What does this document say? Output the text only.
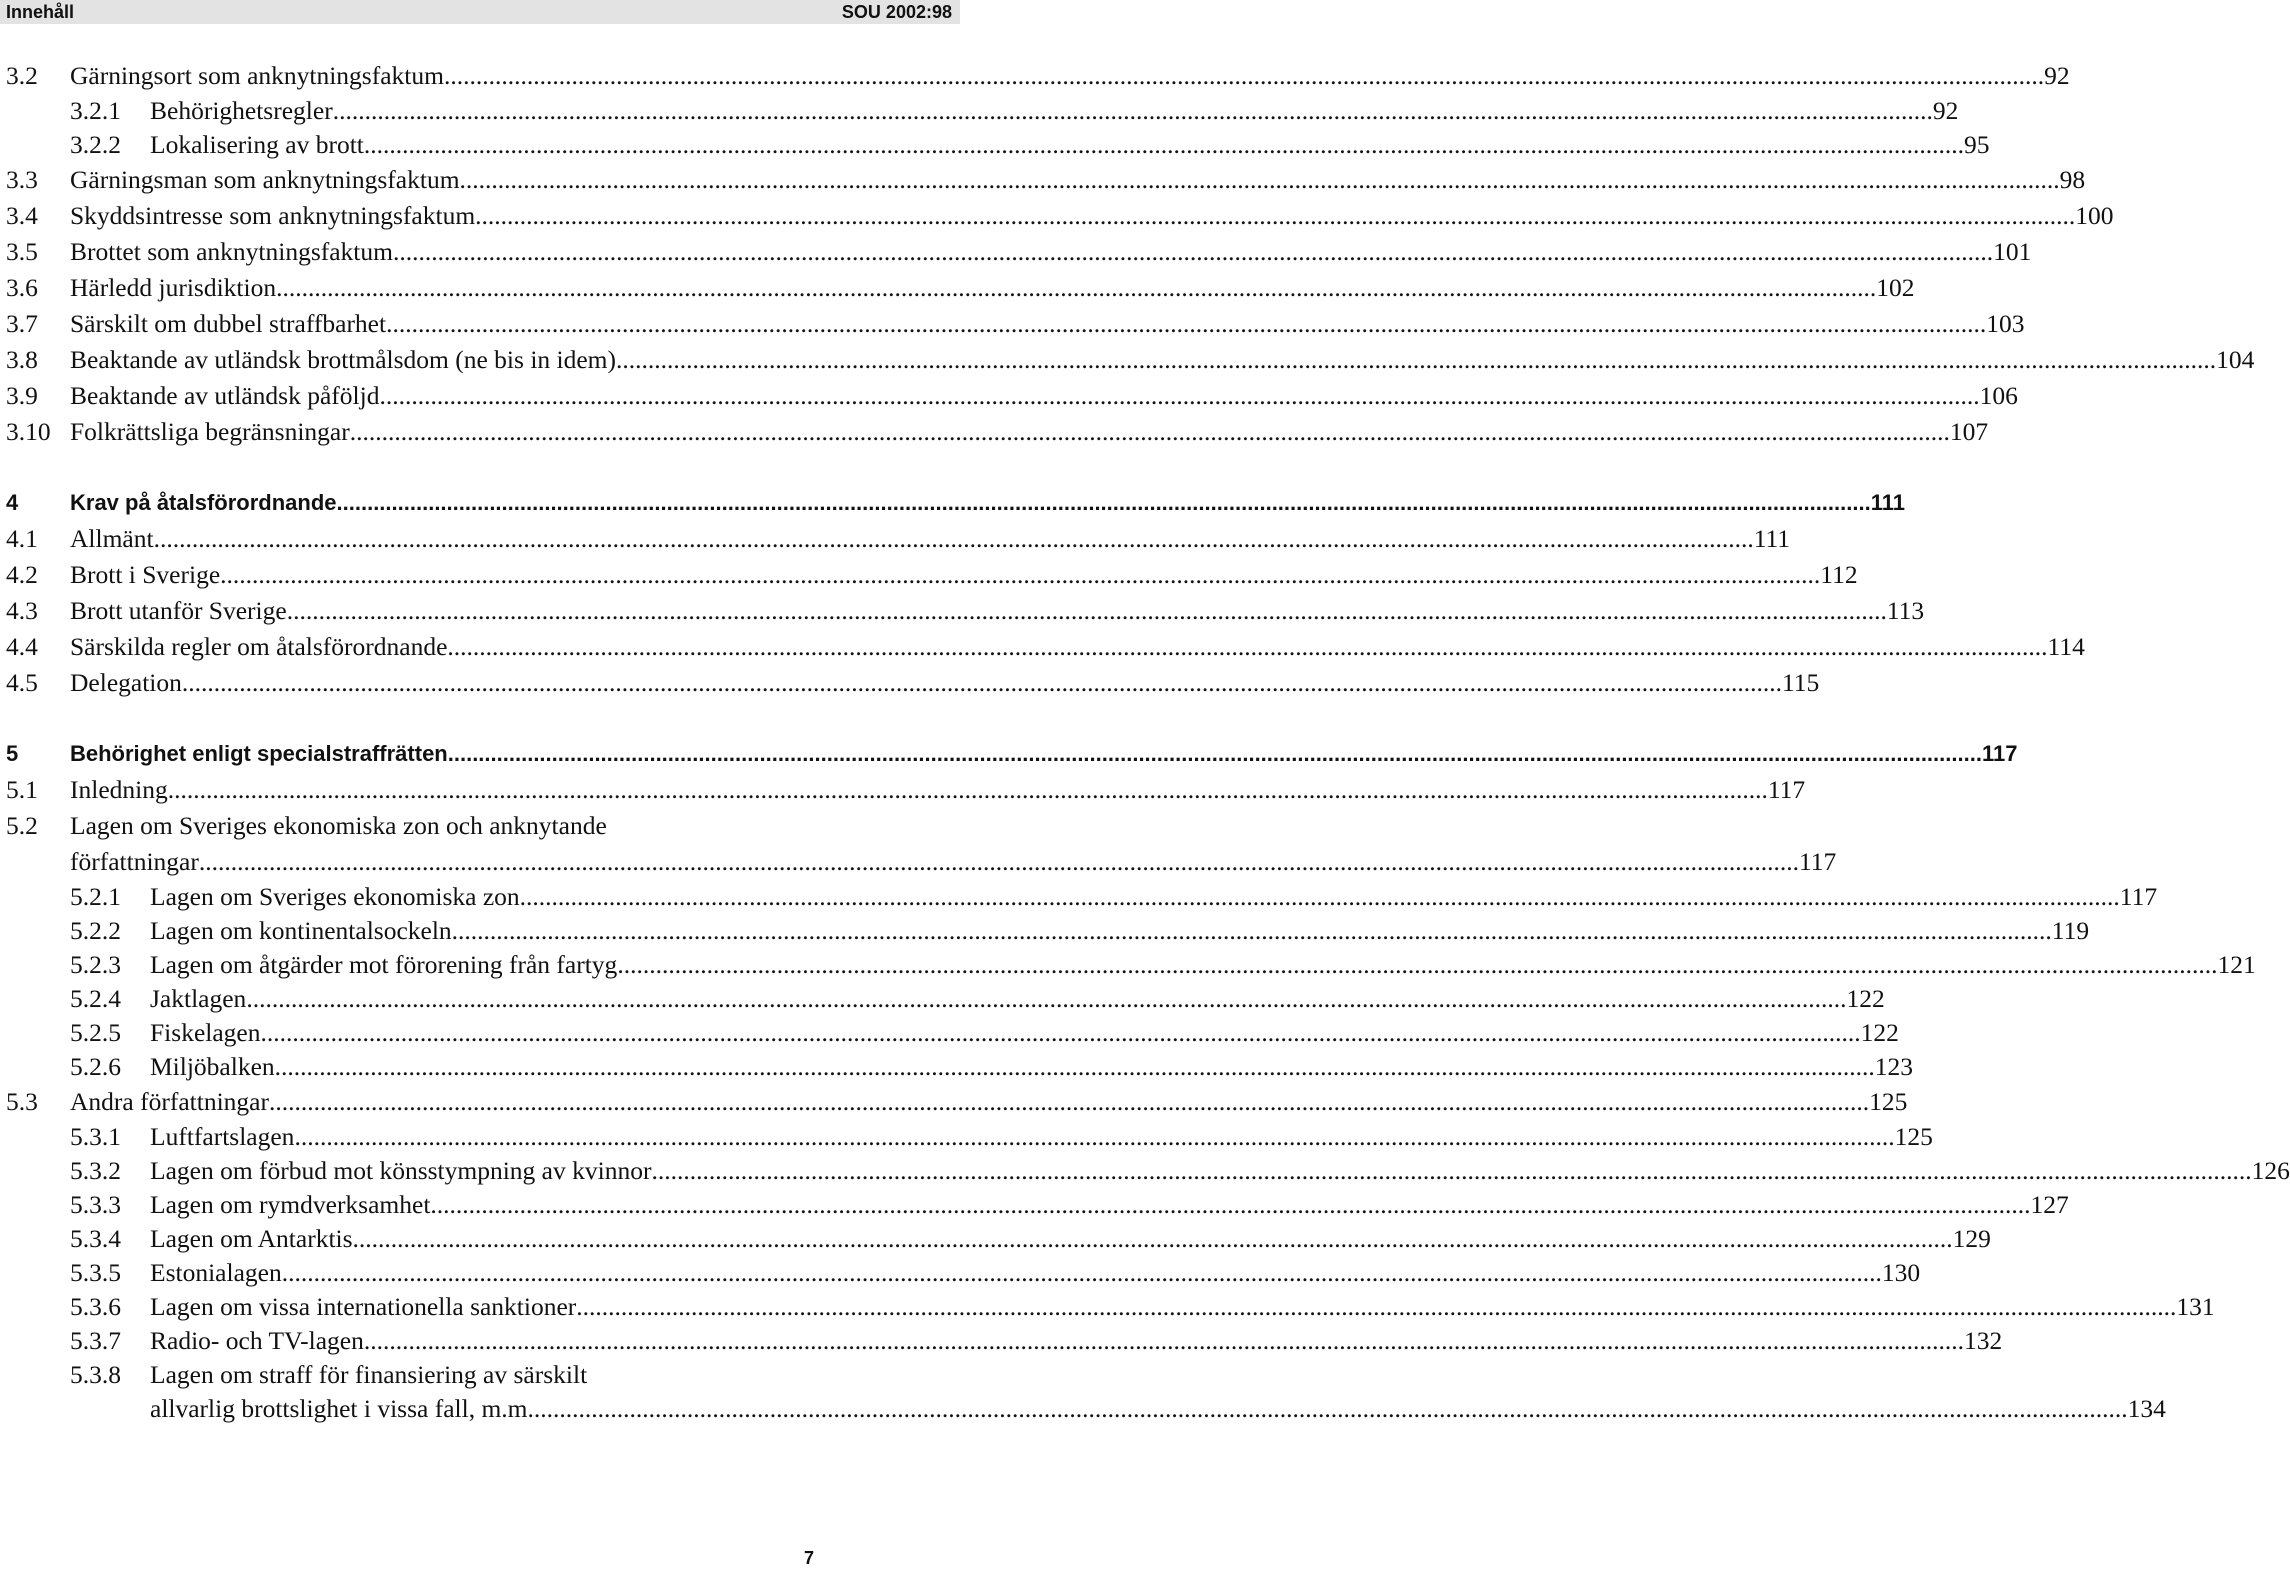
Innehåll	SOU 2002:98
3.2 Gärningsort som anknytningsfaktum ........................................................................................................................................................................................................................................................... 92
3.2.1 Behörighetsregler ........................................................................................................................................................................................................................................................... 92
3.2.2 Lokalisering av brott ........................................................................................................................................................................................................................................................... 95
3.3 Gärningsman som anknytningsfaktum ........................................................................................................................................................................................................................................................... 98
3.4 Skyddsintresse som anknytningsfaktum ........................................................................................................................................................................................................................................................... 100
3.5 Brottet som anknytningsfaktum ........................................................................................................................................................................................................................................................... 101
3.6 Härledd jurisdiktion ........................................................................................................................................................................................................................................................... 102
3.7 Särskilt om dubbel straffbarhet ........................................................................................................................................................................................................................................................... 103
3.8 Beaktande av utländsk brottmålsdom (ne bis in idem) ........................................................................................................................................................................................................................................................... 104
3.9 Beaktande av utländsk påföljd ........................................................................................................................................................................................................................................................... 106
3.10 Folkrättsliga begränsningar ........................................................................................................................................................................................................................................................... 107
4 Krav på åtalsförordnande ........................................................................................................................................................................................................................................................... 111
4.1 Allmänt ........................................................................................................................................................................................................................................................... 111
4.2 Brott i Sverige ........................................................................................................................................................................................................................................................... 112
4.3 Brott utanför Sverige ........................................................................................................................................................................................................................................................... 113
4.4 Särskilda regler om åtalsförordnande ........................................................................................................................................................................................................................................................... 114
4.5 Delegation ........................................................................................................................................................................................................................................................... 115
5 Behörighet enligt specialstraffrätten ........................................................................................................................................................................................................................................................... 117
5.1 Inledning ........................................................................................................................................................................................................................................................... 117
5.2 Lagen om Sveriges ekonomiska zon och anknytande
författningar ........................................................................................................................................................................................................................................................... 117
5.2.1 Lagen om Sveriges ekonomiska zon ........................................................................................................................................................................................................................................................... 117
5.2.2 Lagen om kontinentalsockeln ........................................................................................................................................................................................................................................................... 119
5.2.3 Lagen om åtgärder mot förorening från fartyg ........................................................................................................................................................................................................................................................... 121
5.2.4 Jaktlagen ........................................................................................................................................................................................................................................................... 122
5.2.5 Fiskelagen ........................................................................................................................................................................................................................................................... 122
5.2.6 Miljöbalken ........................................................................................................................................................................................................................................................... 123
5.3 Andra författningar ........................................................................................................................................................................................................................................................... 125
5.3.1 Luftfartslagen ........................................................................................................................................................................................................................................................... 125
5.3.2 Lagen om förbud mot könsstympning av kvinnor ........................................................................................................................................................................................................................................................... 126
5.3.3 Lagen om rymdverksamhet ........................................................................................................................................................................................................................................................... 127
5.3.4 Lagen om Antarktis ........................................................................................................................................................................................................................................................... 129
5.3.5 Estonialagen ........................................................................................................................................................................................................................................................... 130
5.3.6 Lagen om vissa internationella sanktioner ........................................................................................................................................................................................................................................................... 131
5.3.7 Radio- och TV-lagen ........................................................................................................................................................................................................................................................... 132
5.3.8 Lagen om straff för finansiering av särskilt
allvarlig brottslighet i vissa fall, m.m ........................................................................................................................................................................................................................................................... 134
7
